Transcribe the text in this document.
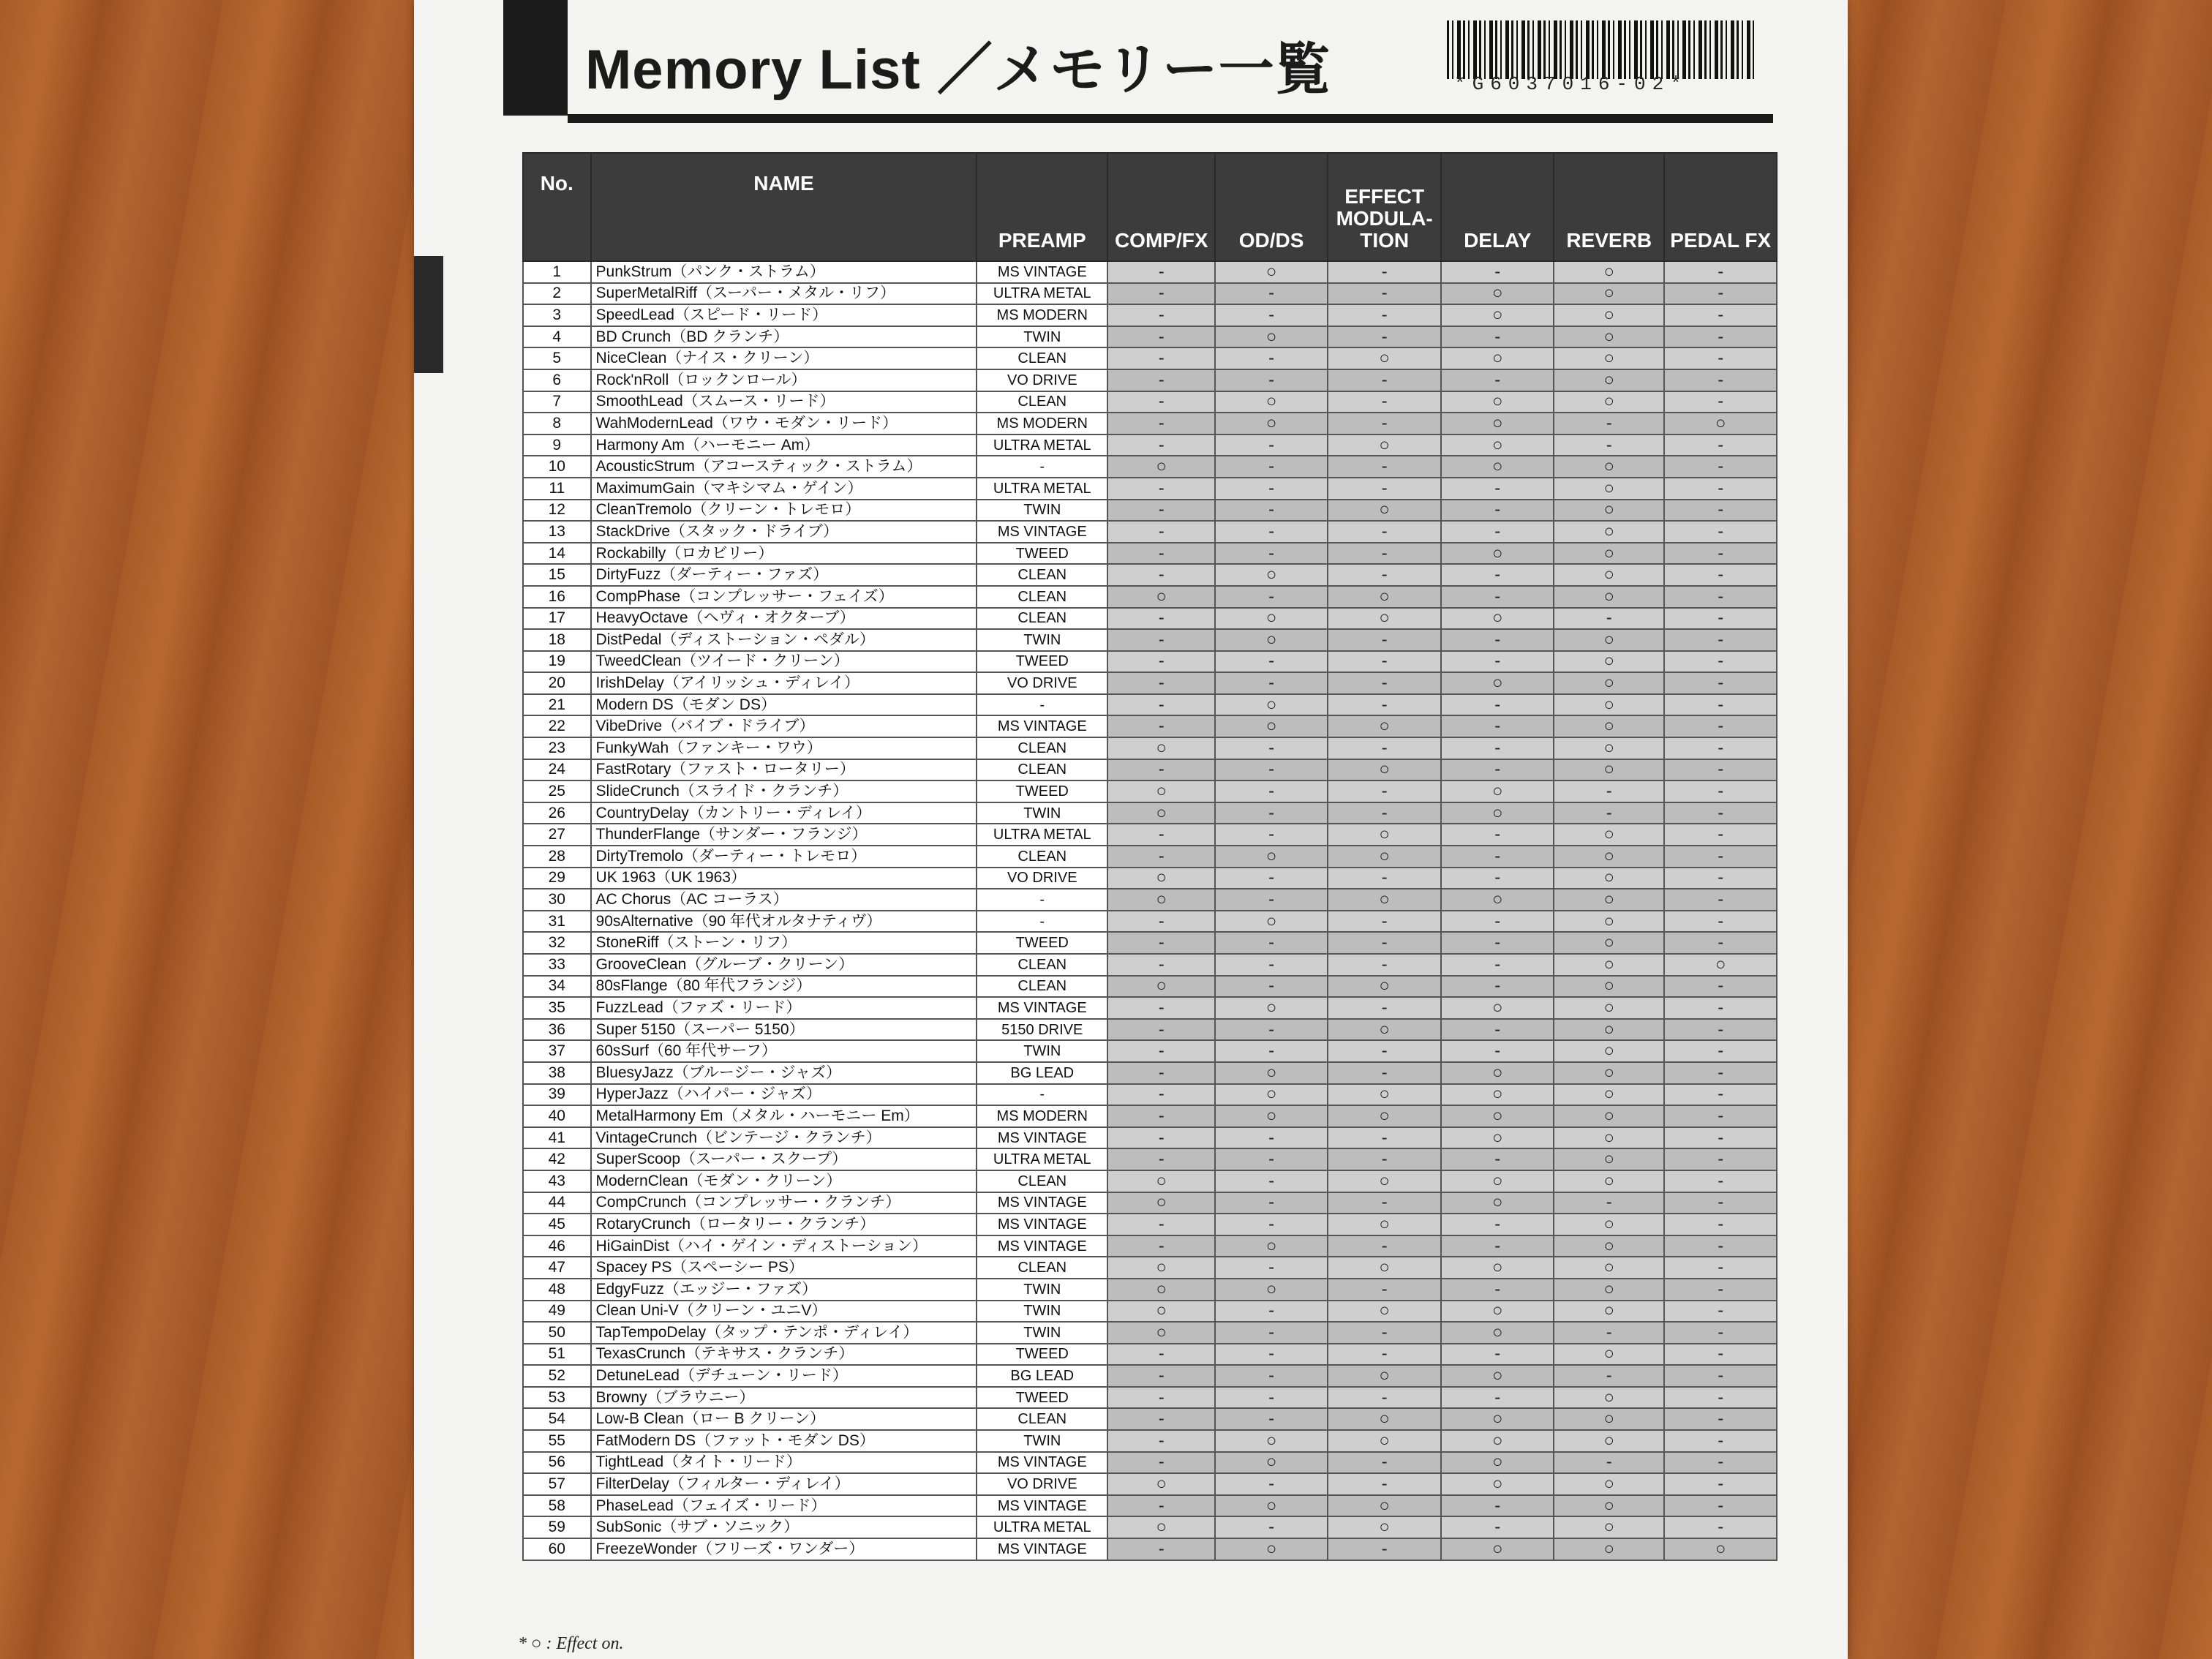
Memory List ／メモリー一覧	*G6037016-02*
No.	NAME	PREAMP	COMP/FX	OD/DS	EFFECT MODULA-TION	DELAY	REVERB	PEDAL FX
1	PunkStrum（パンク・ストラム）	MS VINTAGE	-	○	-	-	○	-
2	SuperMetalRiff（スーパー・メタル・リフ）	ULTRA METAL	-	-	-	○	○	-
3	SpeedLead（スピード・リード）	MS MODERN	-	-	-	○	○	-
4	BD Crunch（BD クランチ）	TWIN	-	○	-	-	○	-
5	NiceClean（ナイス・クリーン）	CLEAN	-	-	○	○	○	-
6	Rock'nRoll（ロックンロール）	VO DRIVE	-	-	-	-	○	-
7	SmoothLead（スムース・リード）	CLEAN	-	○	-	○	○	-
8	WahModernLead（ワウ・モダン・リード）	MS MODERN	-	○	-	○	-	○
9	Harmony Am（ハーモニー Am）	ULTRA METAL	-	-	○	○	-	-
10	AcousticStrum（アコースティック・ストラム）	-	○	-	-	○	○	-
11	MaximumGain（マキシマム・ゲイン）	ULTRA METAL	-	-	-	-	○	-
12	CleanTremolo（クリーン・トレモロ）	TWIN	-	-	○	-	○	-
13	StackDrive（スタック・ドライブ）	MS VINTAGE	-	-	-	-	○	-
14	Rockabilly（ロカビリー）	TWEED	-	-	-	○	○	-
15	DirtyFuzz（ダーティー・ファズ）	CLEAN	-	○	-	-	○	-
16	CompPhase（コンプレッサー・フェイズ）	CLEAN	○	-	○	-	○	-
17	HeavyOctave（ヘヴィ・オクターブ）	CLEAN	-	○	○	○	-	-
18	DistPedal（ディストーション・ペダル）	TWIN	-	○	-	-	○	-
19	TweedClean（ツイード・クリーン）	TWEED	-	-	-	-	○	-
20	IrishDelay（アイリッシュ・ディレイ）	VO DRIVE	-	-	-	○	○	-
21	Modern DS（モダン DS）	-	-	○	-	-	○	-
22	VibeDrive（バイブ・ドライブ）	MS VINTAGE	-	○	○	-	○	-
23	FunkyWah（ファンキー・ワウ）	CLEAN	○	-	-	-	○	-
24	FastRotary（ファスト・ロータリー）	CLEAN	-	-	○	-	○	-
25	SlideCrunch（スライド・クランチ）	TWEED	○	-	-	○	-	-
26	CountryDelay（カントリー・ディレイ）	TWIN	○	-	-	○	-	-
27	ThunderFlange（サンダー・フランジ）	ULTRA METAL	-	-	○	-	○	-
28	DirtyTremolo（ダーティー・トレモロ）	CLEAN	-	○	○	-	○	-
29	UK 1963（UK 1963）	VO DRIVE	○	-	-	-	○	-
30	AC Chorus（AC コーラス）	-	○	-	○	○	○	-
31	90sAlternative（90 年代オルタナティヴ）	-	-	○	-	-	○	-
32	StoneRiff（ストーン・リフ）	TWEED	-	-	-	-	○	-
33	GrooveClean（グルーブ・クリーン）	CLEAN	-	-	-	-	○	○
34	80sFlange（80 年代フランジ）	CLEAN	○	-	○	-	○	-
35	FuzzLead（ファズ・リード）	MS VINTAGE	-	○	-	○	○	-
36	Super 5150（スーパー 5150）	5150 DRIVE	-	-	○	-	○	-
37	60sSurf（60 年代サーフ）	TWIN	-	-	-	-	○	-
38	BluesyJazz（ブルージー・ジャズ）	BG LEAD	-	○	-	○	○	-
39	HyperJazz（ハイパー・ジャズ）	-	-	○	○	○	○	-
40	MetalHarmony Em（メタル・ハーモニー Em）	MS MODERN	-	○	○	○	○	-
41	VintageCrunch（ビンテージ・クランチ）	MS VINTAGE	-	-	-	○	○	-
42	SuperScoop（スーパー・スクープ）	ULTRA METAL	-	-	-	-	○	-
43	ModernClean（モダン・クリーン）	CLEAN	○	-	○	○	○	-
44	CompCrunch（コンプレッサー・クランチ）	MS VINTAGE	○	-	-	○	-	-
45	RotaryCrunch（ロータリー・クランチ）	MS VINTAGE	-	-	○	-	○	-
46	HiGainDist（ハイ・ゲイン・ディストーション）	MS VINTAGE	-	○	-	-	○	-
47	Spacey PS（スペーシー PS）	CLEAN	○	-	○	○	○	-
48	EdgyFuzz（エッジー・ファズ）	TWIN	○	○	-	-	○	-
49	Clean Uni-V（クリーン・ユニV）	TWIN	○	-	○	○	○	-
50	TapTempoDelay（タップ・テンポ・ディレイ）	TWIN	○	-	-	○	-	-
51	TexasCrunch（テキサス・クランチ）	TWEED	-	-	-	-	○	-
52	DetuneLead（デチューン・リード）	BG LEAD	-	-	○	○	-	-
53	Browny（ブラウニー）	TWEED	-	-	-	-	○	-
54	Low-B Clean（ロー B クリーン）	CLEAN	-	-	○	○	○	-
55	FatModern DS（ファット・モダン DS）	TWIN	-	○	○	○	○	-
56	TightLead（タイト・リード）	MS VINTAGE	-	○	-	○	-	-
57	FilterDelay（フィルター・ディレイ）	VO DRIVE	○	-	-	○	○	-
58	PhaseLead（フェイズ・リード）	MS VINTAGE	-	○	○	-	○	-
59	SubSonic（サブ・ソニック）	ULTRA METAL	○	-	○	-	○	-
60	FreezeWonder（フリーズ・ワンダー）	MS VINTAGE	-	○	-	○	○	○
* ○ : Effect on.
